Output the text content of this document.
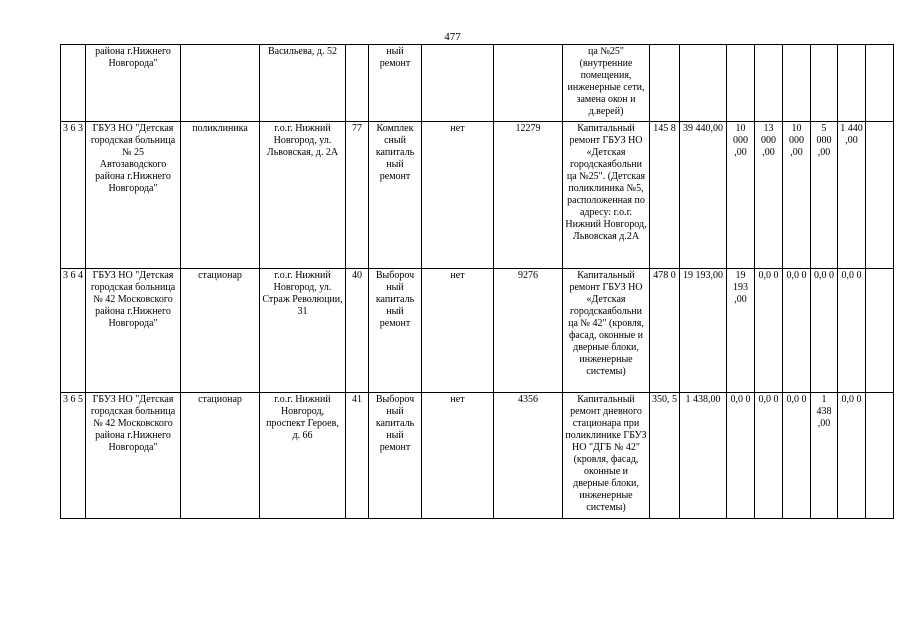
477
	района г.Нижнего Новгорода"		Васильева, д. 52		ный ремонт			ца №25" (внутренние помещения, инженерные сети, замена окон и д.верей)								
3 6 3	ГБУЗ НО "Детская городская больница № 25 Автозаводского района г.Нижнего Новгорода"	поликлиника	г.о.г. Нижний Новгород, ул. Львовская, д. 2А	77	Комплек сный капиталь ный ремонт	нет	12279	Капитальный ремонт ГБУЗ НО «Детская городскаябольни ца №25". (Детская поликлиника №5, расположенная по адресу: г.о.г. Нижний Новгород, Львовская д.2А	145 8	39 440,00	10 000 ,00	13 000 ,00	10 000 ,00	5 000 ,00	1 440 ,00	
3 6 4	ГБУЗ НО "Детская городская больница № 42 Московского района г.Нижнего Новгорода"	стационар	г.о.г. Нижний Новгород, ул. Страж Революции, 31	40	Выбороч ный капиталь ный ремонт	нет	9276	Капитальный ремонт ГБУЗ НО «Детская городскаябольни ца № 42" (кровля, фасад, оконные и дверные блоки, инженерные системы)	478 0	19 193,00	19 193 ,00	0,0 0	0,0 0	0,0 0	0,0 0	
3 6 5	ГБУЗ НО "Детская городская больница № 42 Московского района г.Нижнего Новгорода"	стационар	г.о.г. Нижний Новгород, проспект Героев, д. 66	41	Выбороч ный капиталь ный ремонт	нет	4356	Капитальный ремонт дневного стационара при поликлинике ГБУЗ НО "ДГБ № 42" (кровля, фасад, оконные и дверные блоки, инженерные системы)	350, 5	1 438,00	0,0 0	0,0 0	0,0 0	1 438 ,00	0,0 0	
